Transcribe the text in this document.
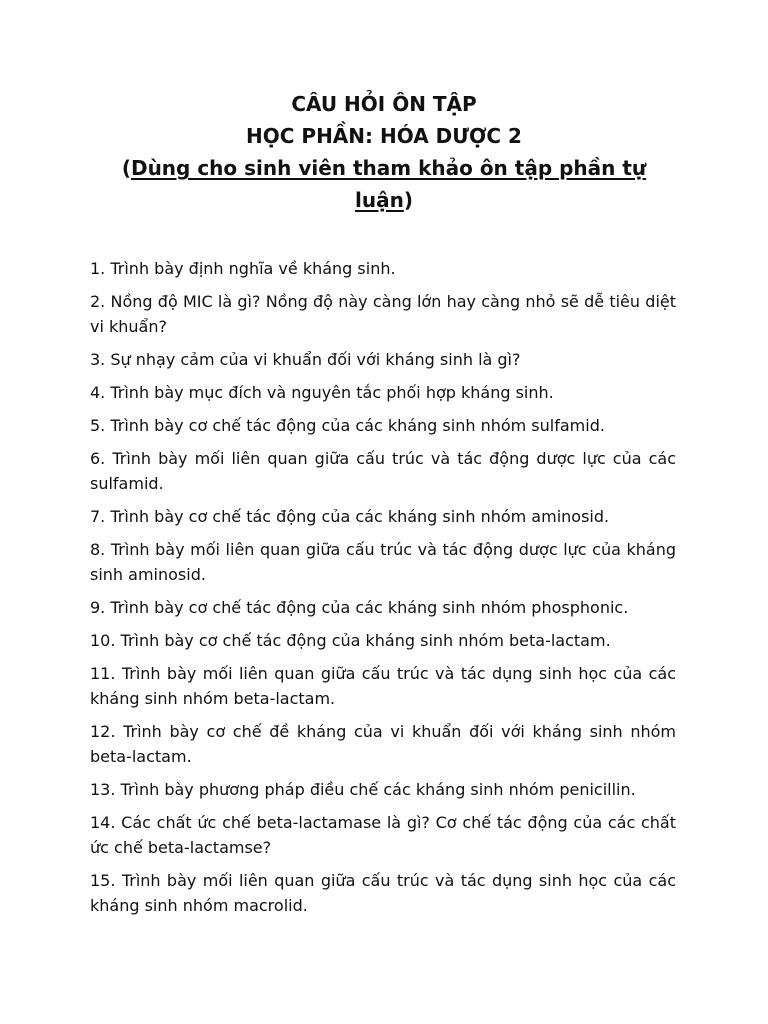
CÂU HỎI ÔN TẬP
HỌC PHẦN: HÓA DƯỢC 2
(Dùng cho sinh viên tham khảo ôn tập phần tự luận)
1. Trình bày định nghĩa về kháng sinh.
2. Nồng độ MIC là gì? Nồng độ này càng lớn hay càng nhỏ sẽ dễ tiêu diệt vi khuẩn?
3. Sự nhạy cảm của vi khuẩn đối với kháng sinh là gì?
4. Trình bày mục đích và nguyên tắc phối hợp kháng sinh.
5. Trình bày cơ chế tác động của các kháng sinh nhóm sulfamid.
6. Trình bày mối liên quan giữa cấu trúc và tác động dược lực của các sulfamid.
7. Trình bày cơ chế tác động của các kháng sinh nhóm aminosid.
8. Trình bày mối liên quan giữa cấu trúc và tác động dược lực của kháng sinh aminosid.
9. Trình bày cơ chế tác động của các kháng sinh nhóm phosphonic.
10. Trình bày cơ chế tác động của kháng sinh nhóm beta-lactam.
11. Trình bày mối liên quan giữa cấu trúc và tác dụng sinh học của các kháng sinh nhóm beta-lactam.
12. Trình bày cơ chế đề kháng của vi khuẩn đối với kháng sinh nhóm beta-lactam.
13. Trình bày phương pháp điều chế các kháng sinh nhóm penicillin.
14. Các chất ức chế beta-lactamase là gì? Cơ chế tác động của các chất ức chế beta-lactamse?
15. Trình bày mối liên quan giữa cấu trúc và tác dụng sinh học của các kháng sinh nhóm macrolid.
